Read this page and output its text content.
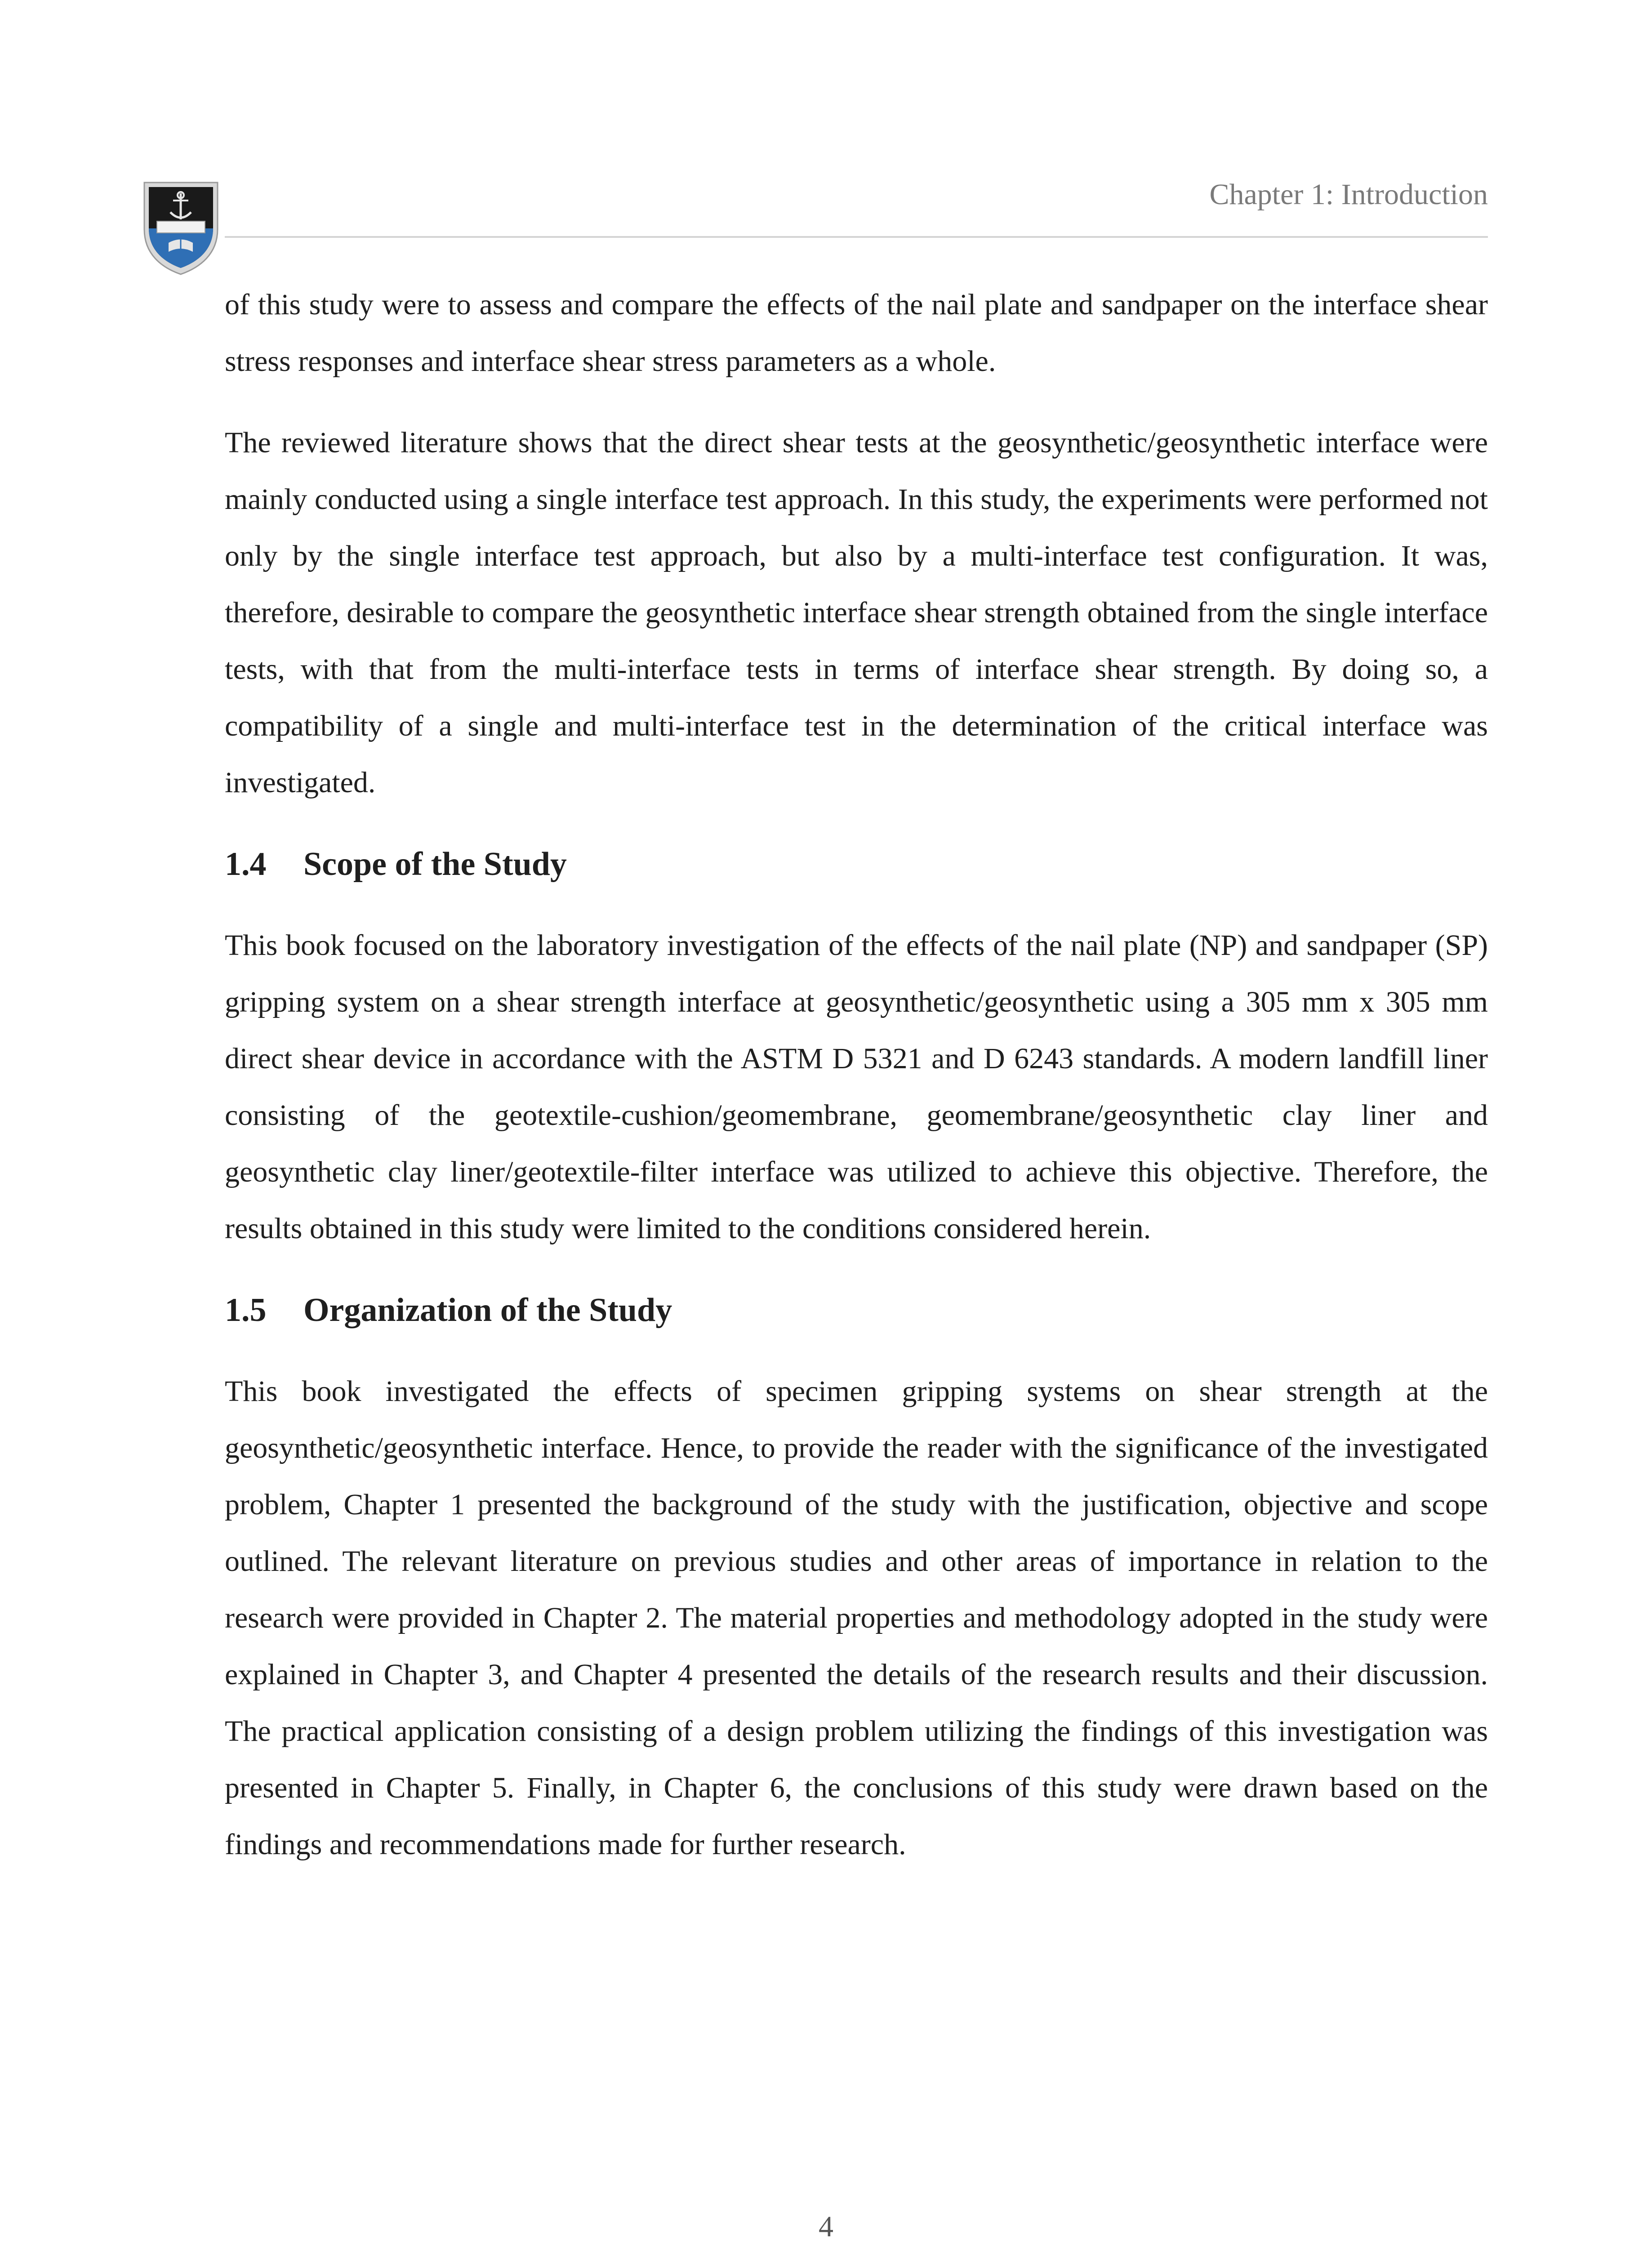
Chapter 1: Introduction

of this study were to assess and compare the effects of the nail plate and sandpaper on the interface shear stress responses and interface shear stress parameters as a whole.

The reviewed literature shows that the direct shear tests at the geosynthetic/geosynthetic interface were mainly conducted using a single interface test approach. In this study, the experiments were performed not only by the single interface test approach, but also by a multi-interface test configuration. It was, therefore, desirable to compare the geosynthetic interface shear strength obtained from the single interface tests, with that from the multi-interface tests in terms of interface shear strength. By doing so, a compatibility of a single and multi-interface test in the determination of the critical interface was investigated.

1.4 Scope of the Study

This book focused on the laboratory investigation of the effects of the nail plate (NP) and sandpaper (SP) gripping system on a shear strength interface at geosynthetic/geosynthetic using a 305 mm x 305 mm direct shear device in accordance with the ASTM D 5321 and D 6243 standards. A modern landfill liner consisting of the geotextile-cushion/geomembrane, geomembrane/geosynthetic clay liner and geosynthetic clay liner/geotextile-filter interface was utilized to achieve this objective. Therefore, the results obtained in this study were limited to the conditions considered herein.

1.5 Organization of the Study

This book investigated the effects of specimen gripping systems on shear strength at the geosynthetic/geosynthetic interface. Hence, to provide the reader with the significance of the investigated problem, Chapter 1 presented the background of the study with the justification, objective and scope outlined. The relevant literature on previous studies and other areas of importance in relation to the research were provided in Chapter 2. The material properties and methodology adopted in the study were explained in Chapter 3, and Chapter 4 presented the details of the research results and their discussion. The practical application consisting of a design problem utilizing the findings of this investigation was presented in Chapter 5. Finally, in Chapter 6, the conclusions of this study were drawn based on the findings and recommendations made for further research.

4
